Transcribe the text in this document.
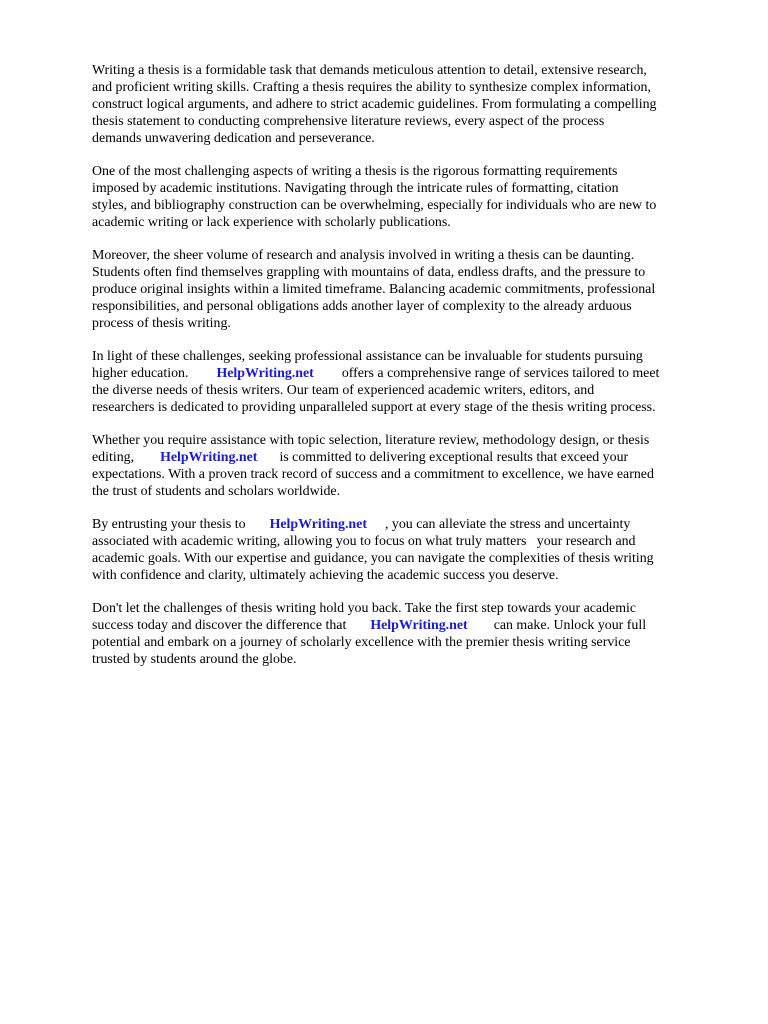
Writing a thesis is a formidable task that demands meticulous attention to detail, extensive research,
and proficient writing skills. Crafting a thesis requires the ability to synthesize complex information,
construct logical arguments, and adhere to strict academic guidelines. From formulating a compelling
thesis statement to conducting comprehensive literature reviews, every aspect of the process
demands unwavering dedication and perseverance.
One of the most challenging aspects of writing a thesis is the rigorous formatting requirements
imposed by academic institutions. Navigating through the intricate rules of formatting, citation
styles, and bibliography construction can be overwhelming, especially for individuals who are new to
academic writing or lack experience with scholarly publications.
Moreover, the sheer volume of research and analysis involved in writing a thesis can be daunting.
Students often find themselves grappling with mountains of data, endless drafts, and the pressure to
produce original insights within a limited timeframe. Balancing academic commitments, professional
responsibilities, and personal obligations adds another layer of complexity to the already arduous
process of thesis writing.
In light of these challenges, seeking professional assistance can be invaluable for students pursuing
higher education. HelpWriting.net offers a comprehensive range of services tailored to meet
the diverse needs of thesis writers. Our team of experienced academic writers, editors, and
researchers is dedicated to providing unparalleled support at every stage of the thesis writing process.
Whether you require assistance with topic selection, literature review, methodology design, or thesis
editing, HelpWriting.net is committed to delivering exceptional results that exceed your
expectations. With a proven track record of success and a commitment to excellence, we have earned
the trust of students and scholars worldwide.
By entrusting your thesis to HelpWriting.net , you can alleviate the stress and uncertainty
associated with academic writing, allowing you to focus on what truly matters   your research and
academic goals. With our expertise and guidance, you can navigate the complexities of thesis writing
with confidence and clarity, ultimately achieving the academic success you deserve.
Don't let the challenges of thesis writing hold you back. Take the first step towards your academic
success today and discover the difference that HelpWriting.net can make. Unlock your full
potential and embark on a journey of scholarly excellence with the premier thesis writing service
trusted by students around the globe.
